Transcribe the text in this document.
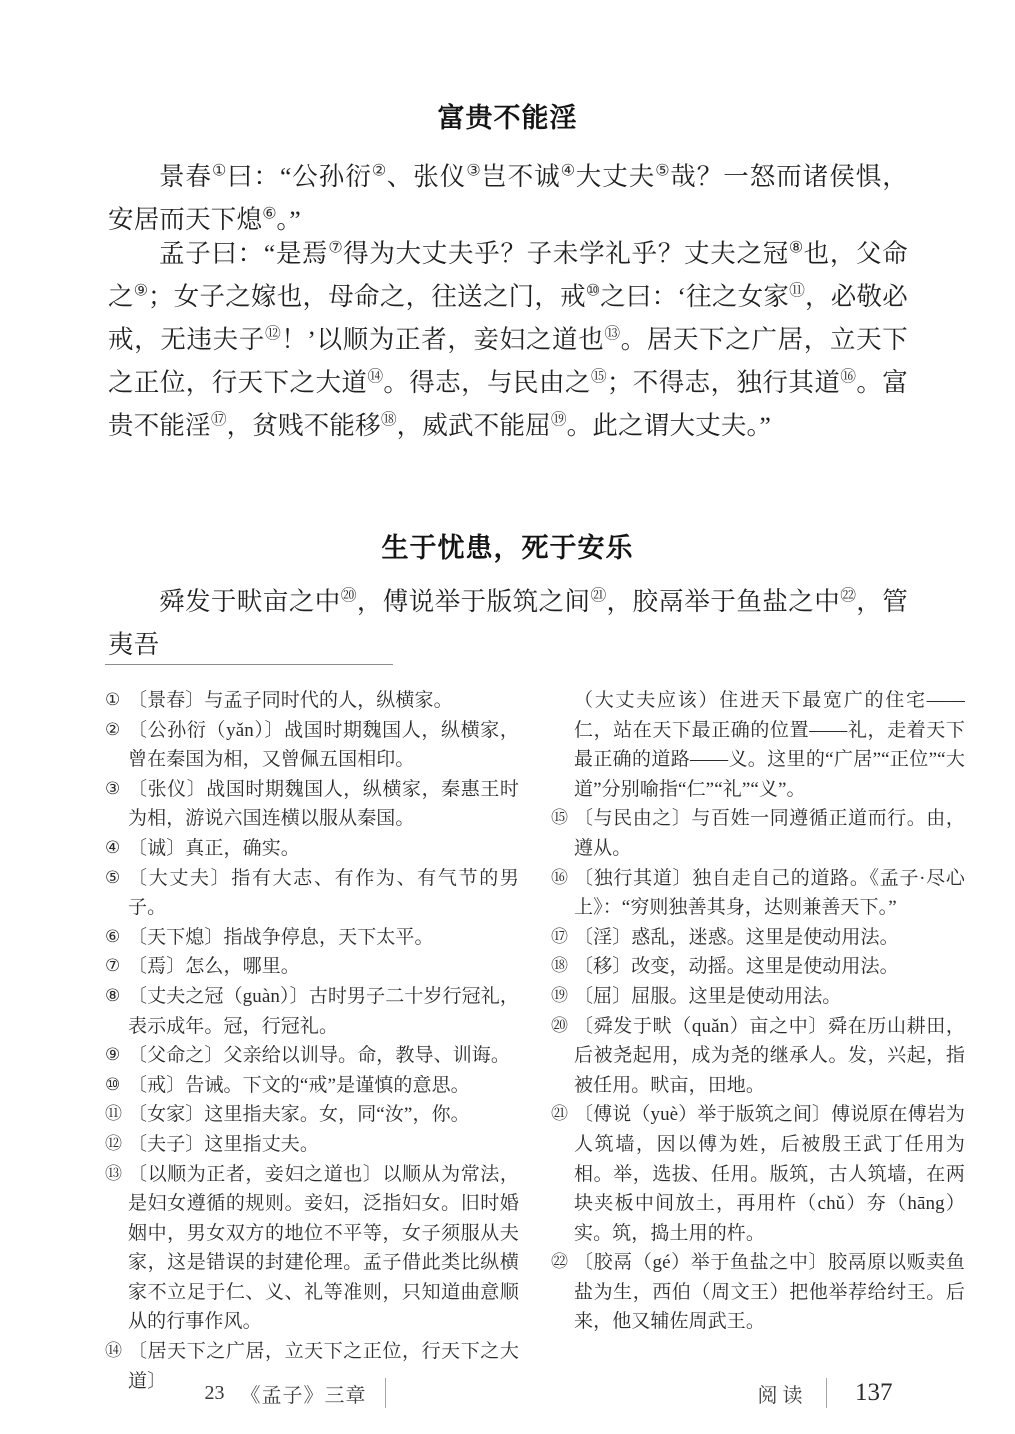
富贵不能淫

景春①曰：“公孙衍②、张仪③岂不诚④大丈夫⑤哉？一怒而诸侯惧，安居而天下熄⑥。”

孟子曰：“是焉⑦得为大丈夫乎？子未学礼乎？丈夫之冠⑧也，父命之⑨；女子之嫁也，母命之，往送之门，戒⑩之曰：‘往之女家⑪，必敬必戒，无违夫子⑫！’以顺为正者，妾妇之道也⑬。居天下之广居，立天下之正位，行天下之大道⑭。得志，与民由之⑮；不得志，独行其道⑯。富贵不能淫⑰，贫贱不能移⑱，威武不能屈⑲。此之谓大丈夫。”

生于忧患，死于安乐

舜发于畎亩之中⑳，傅说举于版筑之间$^㉑$，胶鬲举于鱼盐之中$^㉒$，管夷吾

① 〔景春〕与孟子同时代的人，纵横家。
② 〔公孙衍（yǎn）〕战国时期魏国人，纵横家，曾在秦国为相，又曾佩五国相印。
③ 〔张仪〕战国时期魏国人，纵横家，秦惠王时为相，游说六国连横以服从秦国。
④ 〔诚〕真正，确实。
⑤ 〔大丈夫〕指有大志、有作为、有气节的男子。
⑥ 〔天下熄〕指战争停息，天下太平。
⑦ 〔焉〕怎么，哪里。
⑧ 〔丈夫之冠（guàn）〕古时男子二十岁行冠礼，表示成年。冠，行冠礼。
⑨ 〔父命之〕父亲给以训导。命，教导、训诲。
⑩ 〔戒〕告诫。下文的“戒”是谨慎的意思。
⑪ 〔女家〕这里指夫家。女，同“汝”，你。
⑫ 〔夫子〕这里指丈夫。
⑬ 〔以顺为正者，妾妇之道也〕以顺从为常法，是妇女遵循的规则。妾妇，泛指妇女。旧时婚姻中，男女双方的地位不平等，女子须服从夫家，这是错误的封建伦理。孟子借此类比纵横家不立足于仁、义、礼等准则，只知道曲意顺从的行事作风。
⑭ 〔居天下之广居，立天下之正位，行天下之大道〕
（大丈夫应该）住进天下最宽广的住宅——仁，站在天下最正确的位置——礼，走着天下最正确的道路——义。这里的“广居”“正位”“大道”分别喻指“仁”“礼”“义”。
⑮ 〔与民由之〕与百姓一同遵循正道而行。由，遵从。
⑯ 〔独行其道〕独自走自己的道路。《孟子·尽心上》：“穷则独善其身，达则兼善天下。”
⑰ 〔淫〕惑乱，迷惑。这里是使动用法。
⑱ 〔移〕改变，动摇。这里是使动用法。
⑲ 〔屈〕屈服。这里是使动用法。
⑳ 〔舜发于畎（quǎn）亩之中〕舜在历山耕田，后被尧起用，成为尧的继承人。发，兴起，指被任用。畎亩，田地。
㉑ 〔傅说（yuè）举于版筑之间〕傅说原在傅岩为人筑墙，因以傅为姓，后被殷王武丁任用为相。举，选拔、任用。版筑，古人筑墙，在两块夹板中间放土，再用杵（chǔ）夯（hāng）实。筑，捣土用的杵。
㉒ 〔胶鬲（gé）举于鱼盐之中〕胶鬲原以贩卖鱼盐为生，西伯（周文王）把他举荐给纣王。后来，他又辅佐周武王。
23 《孟子》三章	阅读	137
